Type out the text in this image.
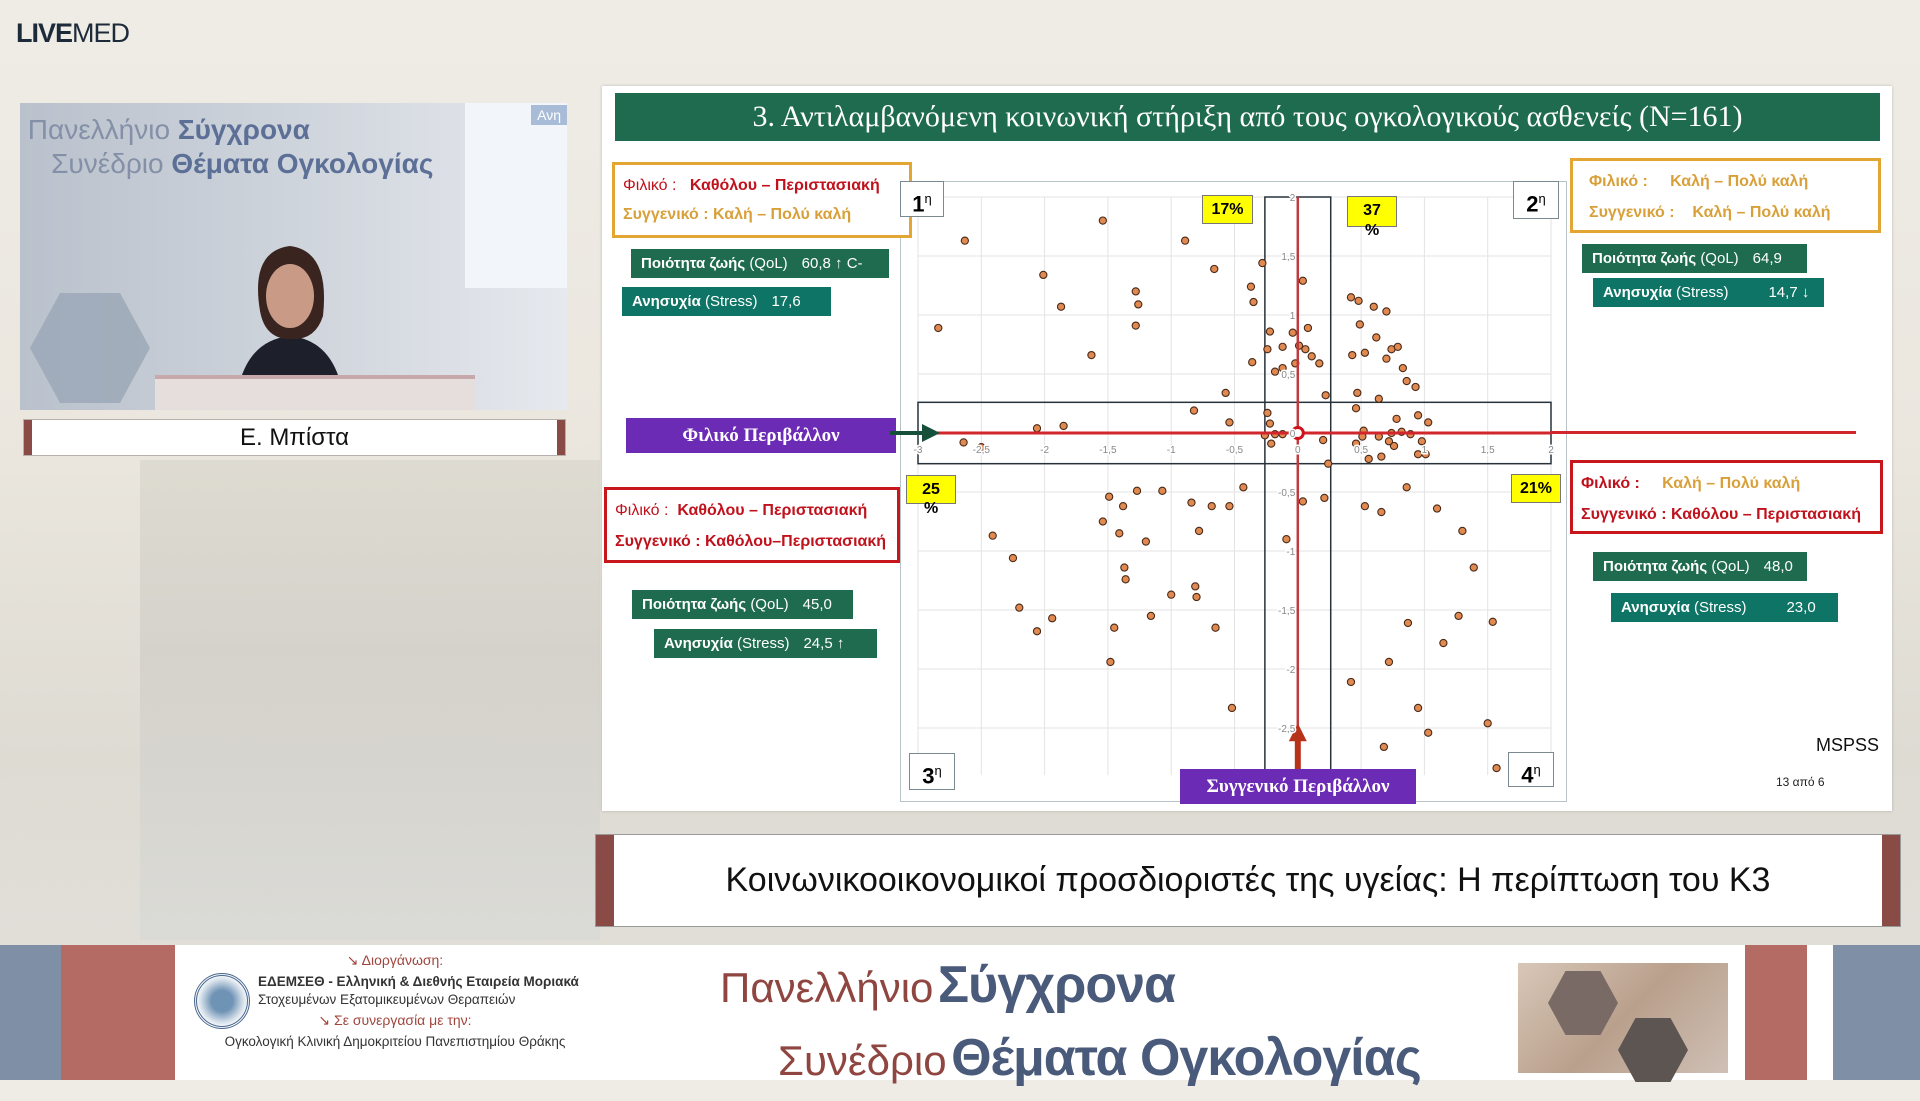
LIVEMED
Πανελλήνιο Σύγχρονα
Συνέδριο Θέματα Ογκολογίας
Ανη
Ε. Μπίστα
3. Αντιλαμβανόμενη κοινωνική στήριξη από τους ογκολογικούς ασθενείς (N=161)
-3	-2,5	-2	-1,5	-1	-0,5	0	0,5	1	1,5	2
2
1,5
1
0,5
0
-0,5
-1
-1,5
-2
-2,5
Φιλικό : Καθόλου – Περιστασιακή
Συγγενικό : Καλή – Πολύ καλή
Ποιότητα ζωής (QoL) 60,8 ↑ C-
Ανησυχία (Stress) 17,6
Φιλικό : Καλή – Πολύ καλή
Συγγενικό : Καλή – Πολύ καλή
Ποιότητα ζωής (QoL) 64,9
Ανησυχία (Stress)	14,7 ↓
Φιλικό : Καθόλου – Περιστασιακή
Συγγενικό : Καθόλου–Περιστασιακή
Ποιότητα ζωής (QoL) 45,0
Ανησυχία (Stress) 24,5 ↑
Φιλικό : Καλή – Πολύ καλή
Συγγενικό : Καθόλου – Περιστασιακή
Ποιότητα ζωής (QoL) 48,0
Ανησυχία (Stress)	23,0
Φιλικό Περιβάλλον
Συγγενικό Περιβάλλον
$1^\eta$	$2^\eta$
$3^\eta$	$4^\eta$
17%	37
%
25
%
21%
MSPSS
13 από 6
Κοινωνικοοικονομικοί προσδιοριστές της υγείας: Η περίπτωση του Κ3
↘ Διοργάνωση:
ΕΔΕΜΣΕΘ - Ελληνική & Διεθνής Εταιρεία Μοριακά
Στοχευμένων Εξατομικευμένων Θεραπειών
↘ Σε συνεργασία με την:
Ογκολογική Κλινική Δημοκριτείου Πανεπιστημίου Θράκης
Πανελλήνιο Σύγχρονα
Συνέδριο Θέματα Ογκολογίας
